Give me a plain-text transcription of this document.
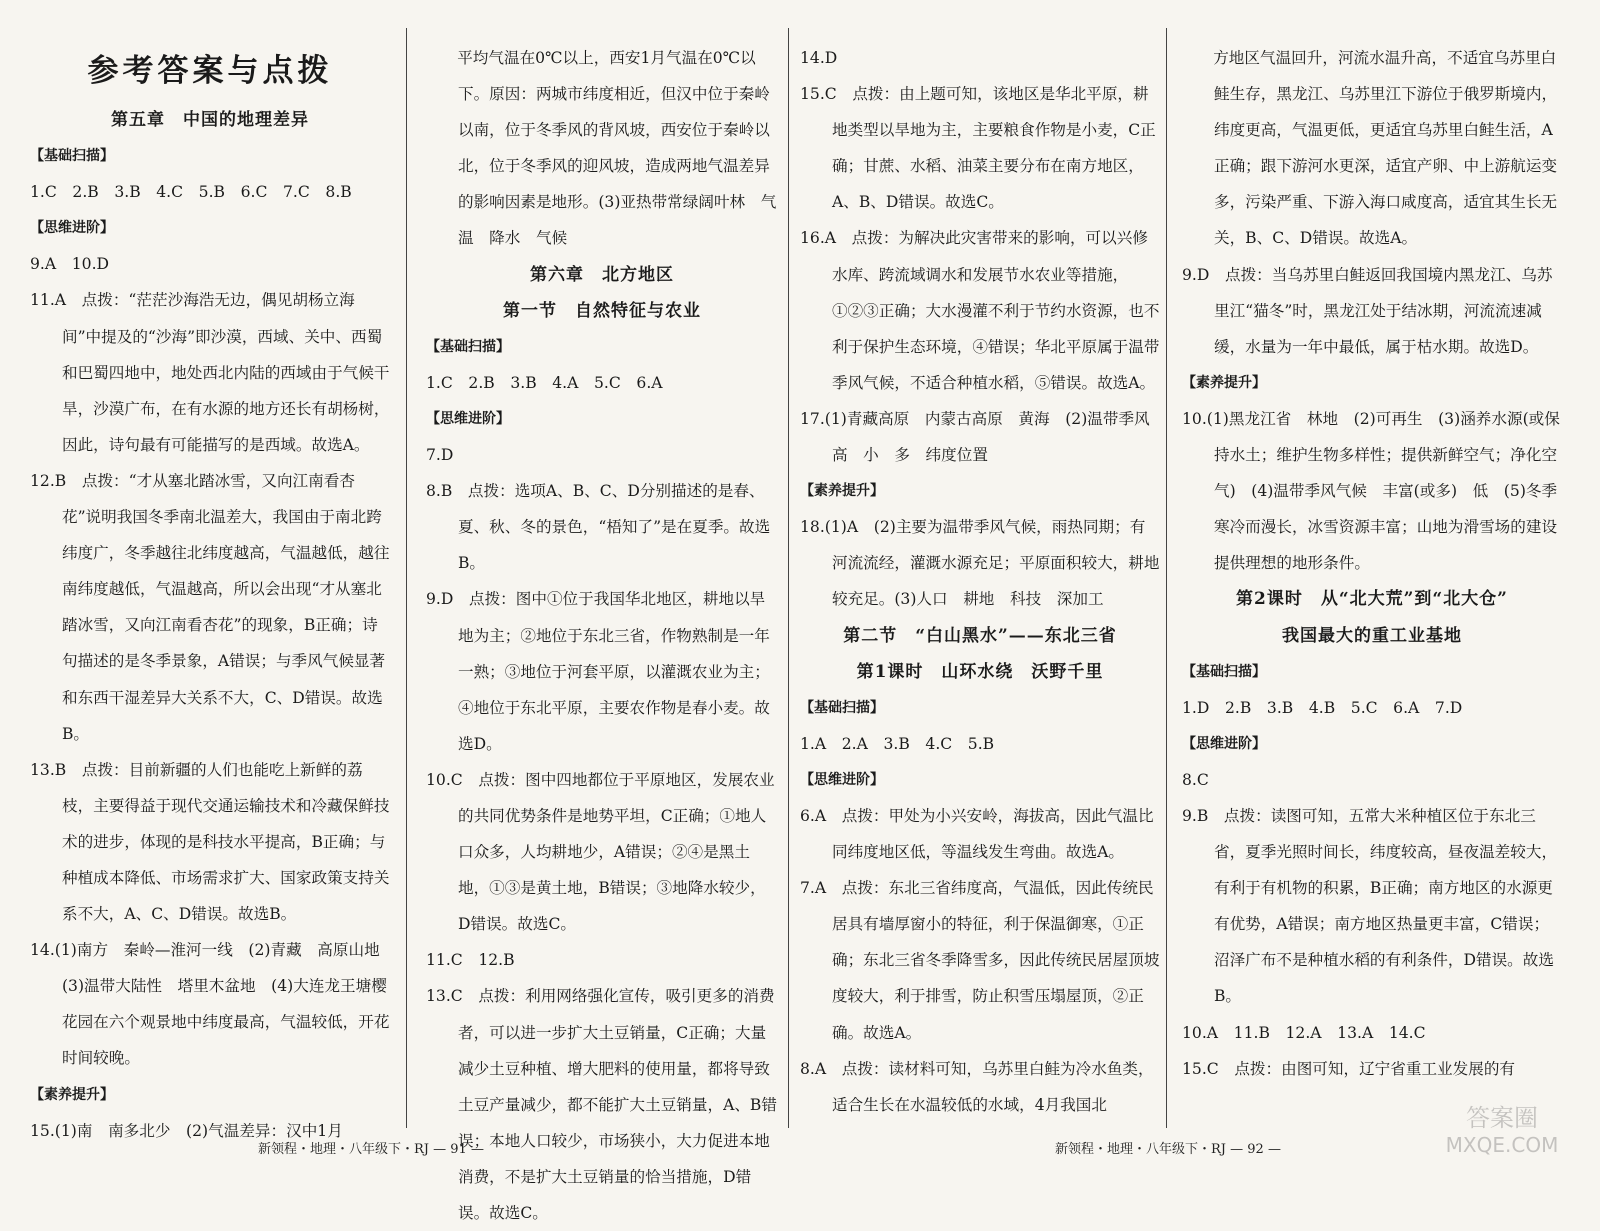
参考答案与点拨

第五章　中国的地理差异

【基础扫描】

1.C　2.B　3.B　4.C　5.B　6.C　7.C　8.B

【思维进阶】

9.A　10.D

11.A　点拨：“茫茫沙海浩无边，偶见胡杨立海间”中提及的“沙海”即沙漠，西域、关中、西蜀和巴蜀四地中，地处西北内陆的西域由于气候干旱，沙漠广布，在有水源的地方还长有胡杨树，因此，诗句最有可能描写的是西域。故选A。

12.B　点拨：“才从塞北踏冰雪，又向江南看杏花”说明我国冬季南北温差大，我国由于南北跨纬度广，冬季越往北纬度越高，气温越低，越往南纬度越低，气温越高，所以会出现“才从塞北踏冰雪，又向江南看杏花”的现象，B正确；诗句描述的是冬季景象，A错误；与季风气候显著和东西干湿差异大关系不大，C、D错误。故选B。

13.B　点拨：目前新疆的人们也能吃上新鲜的荔枝，主要得益于现代交通运输技术和冷藏保鲜技术的进步，体现的是科技水平提高，B正确；与种植成本降低、市场需求扩大、国家政策支持关系不大，A、C、D错误。故选B。

14.(1)南方　秦岭—淮河一线　(2)青藏　高原山地　(3)温带大陆性　塔里木盆地　(4)大连龙王塘樱花园在六个观景地中纬度最高，气温较低，开花时间较晚。

【素养提升】

15.(1)南　南多北少　(2)气温差异：汉中1月

　　平均气温在0℃以上，西安1月气温在0℃以下。原因：两城市纬度相近，但汉中位于秦岭以南，位于冬季风的背风坡，西安位于秦岭以北，位于冬季风的迎风坡，造成两地气温差异的影响因素是地形。(3)亚热带常绿阔叶林　气温　降水　气候

第六章　北方地区

第一节　自然特征与农业

【基础扫描】

1.C　2.B　3.B　4.A　5.C　6.A

【思维进阶】

7.D

8.B　点拨：选项A、B、C、D分别描述的是春、夏、秋、冬的景色，“梧知了”是在夏季。故选B。

9.D　点拨：图中①位于我国华北地区，耕地以旱地为主；②地位于东北三省，作物熟制是一年一熟；③地位于河套平原，以灌溉农业为主；④地位于东北平原，主要农作物是春小麦。故选D。

10.C　点拨：图中四地都位于平原地区，发展农业的共同优势条件是地势平坦，C正确；①地人口众多，人均耕地少，A错误；②④是黑土地，①③是黄土地，B错误；③地降水较少，D错误。故选C。

11.C　12.B

13.C　点拨：利用网络强化宣传，吸引更多的消费者，可以进一步扩大土豆销量，C正确；大量减少土豆种植、增大肥料的使用量，都将导致土豆产量减少，都不能扩大土豆销量，A、B错误；本地人口较少，市场狭小，大力促进本地消费，不是扩大土豆销量的恰当措施，D错误。故选C。

14.D

15.C　点拨：由上题可知，该地区是华北平原，耕地类型以旱地为主，主要粮食作物是小麦，C正确；甘蔗、水稻、油菜主要分布在南方地区，A、B、D错误。故选C。

16.A　点拨：为解决此灾害带来的影响，可以兴修水库、跨流域调水和发展节水农业等措施，①②③正确；大水漫灌不利于节约水资源，也不利于保护生态环境，④错误；华北平原属于温带季风气候，不适合种植水稻，⑤错误。故选A。

17.(1)青藏高原　内蒙古高原　黄海　(2)温带季风　高　小　多　纬度位置

【素养提升】

18.(1)A　(2)主要为温带季风气候，雨热同期；有河流流经，灌溉水源充足；平原面积较大，耕地较充足。(3)人口　耕地　科技　深加工

第二节　“白山黑水”——东北三省

第1课时　山环水绕　沃野千里

【基础扫描】

1.A　2.A　3.B　4.C　5.B

【思维进阶】

6.A　点拨：甲处为小兴安岭，海拔高，因此气温比同纬度地区低，等温线发生弯曲。故选A。

7.A　点拨：东北三省纬度高，气温低，因此传统民居具有墙厚窗小的特征，利于保温御寒，①正确；东北三省冬季降雪多，因此传统民居屋顶坡度较大，利于排雪，防止积雪压塌屋顶，②正确。故选A。

8.A　点拨：读材料可知，乌苏里白鲑为冷水鱼类，适合生长在水温较低的水域，4月我国北

　　方地区气温回升，河流水温升高，不适宜乌苏里白鲑生存，黑龙江、乌苏里江下游位于俄罗斯境内，纬度更高，气温更低，更适宜乌苏里白鲑生活，A正确；跟下游河水更深，适宜产卵、中上游航运变多，污染严重、下游入海口咸度高，适宜其生长无关，B、C、D错误。故选A。

9.D　点拨：当乌苏里白鲑返回我国境内黑龙江、乌苏里江“猫冬”时，黑龙江处于结冰期，河流流速减缓，水量为一年中最低，属于枯水期。故选D。

【素养提升】

10.(1)黑龙江省　林地　(2)可再生　(3)涵养水源(或保持水土；维护生物多样性；提供新鲜空气；净化空气)　(4)温带季风气候　丰富(或多)　低　(5)冬季寒冷而漫长，冰雪资源丰富；山地为滑雪场的建设提供理想的地形条件。

第2课时　从“北大荒”到“北大仓”

我国最大的重工业基地

【基础扫描】

1.D　2.B　3.B　4.B　5.C　6.A　7.D

【思维进阶】

8.C

9.B　点拨：读图可知，五常大米种植区位于东北三省，夏季光照时间长，纬度较高，昼夜温差较大，有利于有机物的积累，B正确；南方地区的水源更有优势，A错误；南方地区热量更丰富，C错误；沼泽广布不是种植水稻的有利条件，D错误。故选B。

10.A　11.B　12.A　13.A　14.C

15.C　点拨：由图可知，辽宁省重工业发展的有

新领程・地理・八年级下・RJ — 91 —	新领程・地理・八年级下・RJ — 92 —
答案圈
MXQE.COM
